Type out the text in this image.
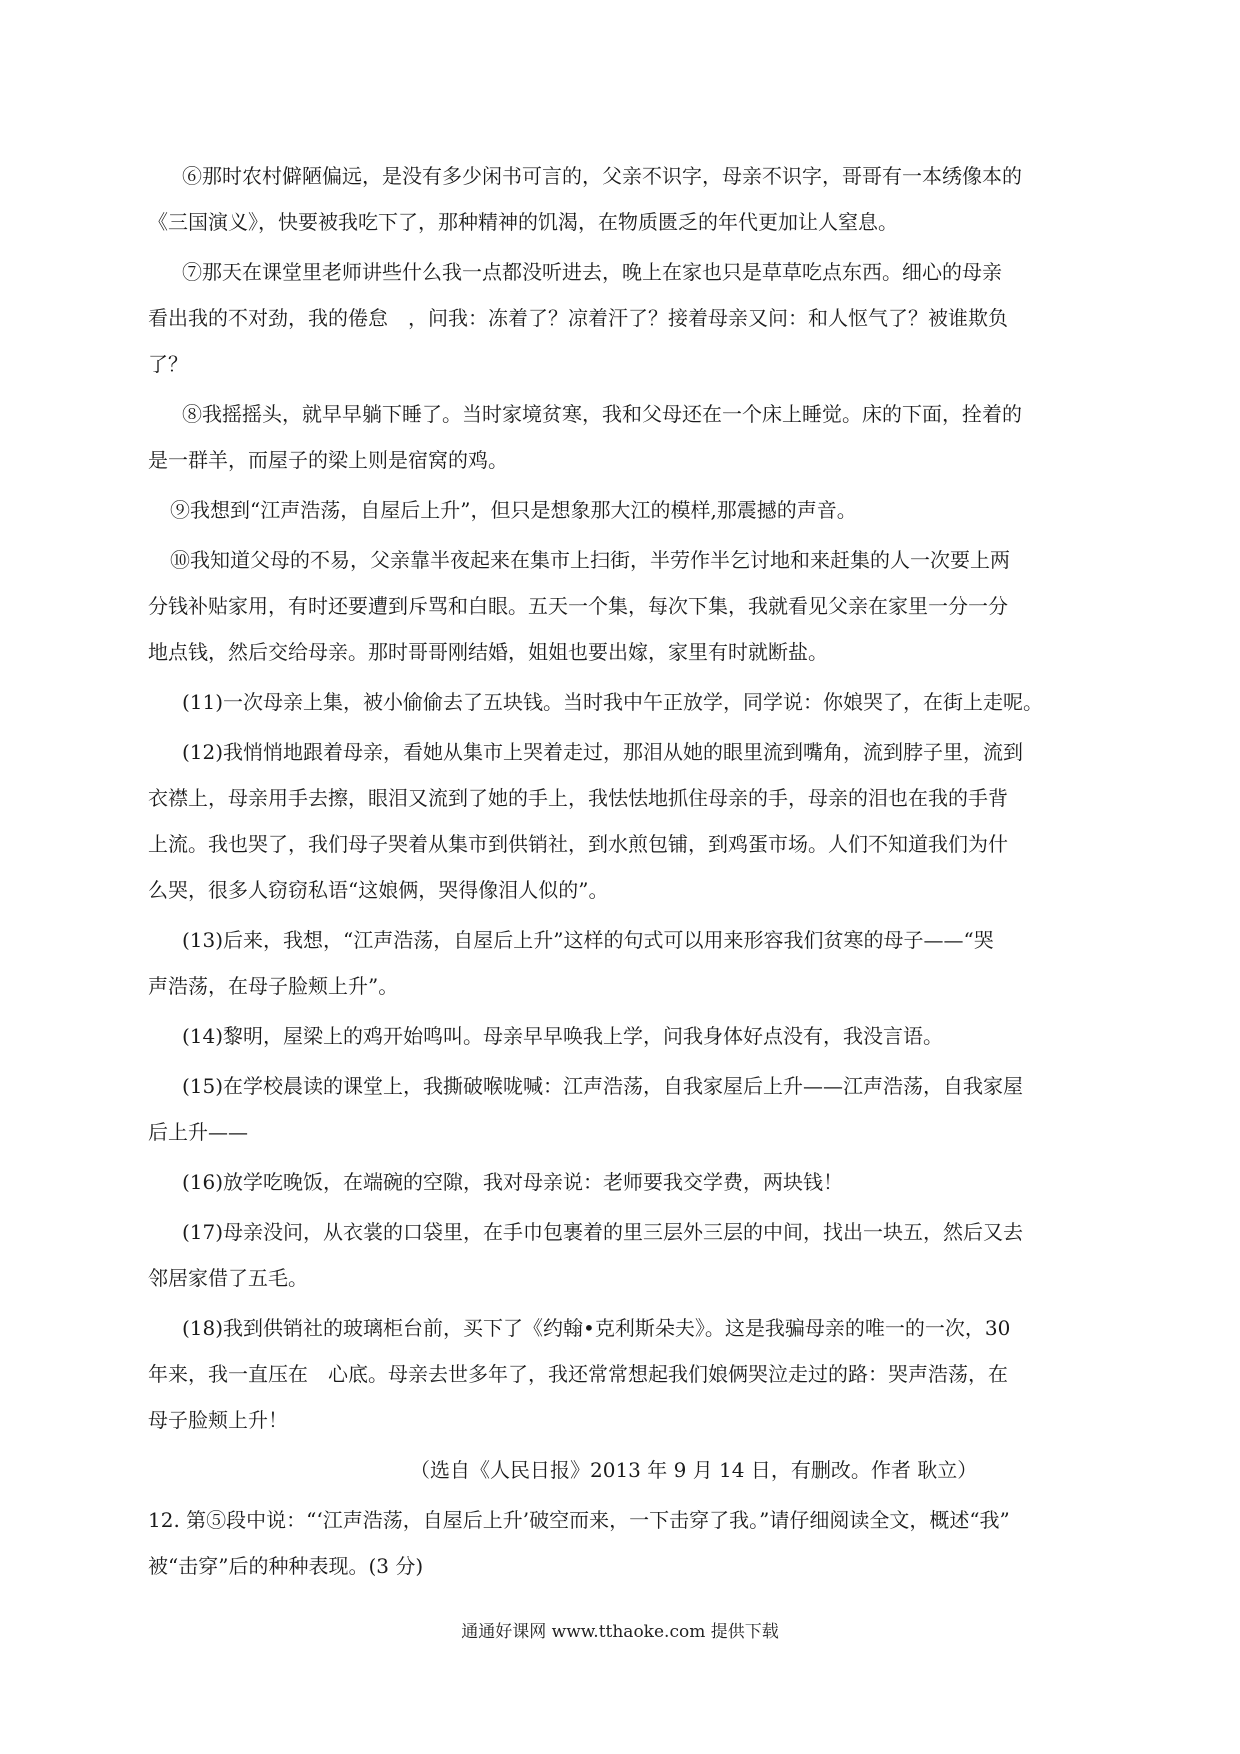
⑥那时农村僻陋偏远，是没有多少闲书可言的，父亲不识字，母亲不识字，哥哥有一本绣像本的
《三国演义》，快要被我吃下了，那种精神的饥渴，在物质匮乏的年代更加让人窒息。
⑦那天在课堂里老师讲些什么我一点都没听进去，晚上在家也只是草草吃点东西。细心的母亲
看出我的不对劲，我的倦怠　，问我：冻着了？凉着汗了？接着母亲又问：和人怄气了？被谁欺负
了？
⑧我摇摇头，就早早躺下睡了。当时家境贫寒，我和父母还在一个床上睡觉。床的下面，拴着的
是一群羊，而屋子的梁上则是宿窝的鸡。
⑨我想到“江声浩荡，自屋后上升”，但只是想象那大江的模样,那震撼的声音。
⑩我知道父母的不易，父亲靠半夜起来在集市上扫街，半劳作半乞讨地和来赶集的人一次要上两
分钱补贴家用，有时还要遭到斥骂和白眼。五天一个集，每次下集，我就看见父亲在家里一分一分
地点钱，然后交给母亲。那时哥哥刚结婚，姐姐也要出嫁，家里有时就断盐。
(11)一次母亲上集，被小偷偷去了五块钱。当时我中午正放学，同学说：你娘哭了，在街上走呢。
(12)我悄悄地跟着母亲，看她从集市上哭着走过，那泪从她的眼里流到嘴角，流到脖子里，流到
衣襟上，母亲用手去擦，眼泪又流到了她的手上，我怯怯地抓住母亲的手，母亲的泪也在我的手背
上流。我也哭了，我们母子哭着从集市到供销社，到水煎包铺，到鸡蛋市场。人们不知道我们为什
么哭，很多人窃窃私语“这娘俩，哭得像泪人似的”。
(13)后来，我想，“江声浩荡，自屋后上升”这样的句式可以用来形容我们贫寒的母子——“哭
声浩荡，在母子脸颊上升”。
(14)黎明，屋梁上的鸡开始鸣叫。母亲早早唤我上学，问我身体好点没有，我没言语。
(15)在学校晨读的课堂上，我撕破喉咙喊：江声浩荡，自我家屋后上升——江声浩荡，自我家屋
后上升——
(16)放学吃晚饭，在端碗的空隙，我对母亲说：老师要我交学费，两块钱！
(17)母亲没问，从衣裳的口袋里，在手巾包裹着的里三层外三层的中间，找出一块五，然后又去
邻居家借了五毛。
(18)我到供销社的玻璃柜台前，买下了《约翰•克利斯朵夫》。这是我骗母亲的唯一的一次，30
年来，我一直压在　心底。母亲去世多年了，我还常常想起我们娘俩哭泣走过的路：哭声浩荡，在
母子脸颊上升！
（选自《人民日报》2013 年 9 月 14 日，有删改。作者 耿立）
12. 第⑤段中说：“‘江声浩荡，自屋后上升’破空而来，一下击穿了我。”请仔细阅读全文，概述“我”
被“击穿”后的种种表现。(3 分)
通通好课网 www.tthaoke.com 提供下载
